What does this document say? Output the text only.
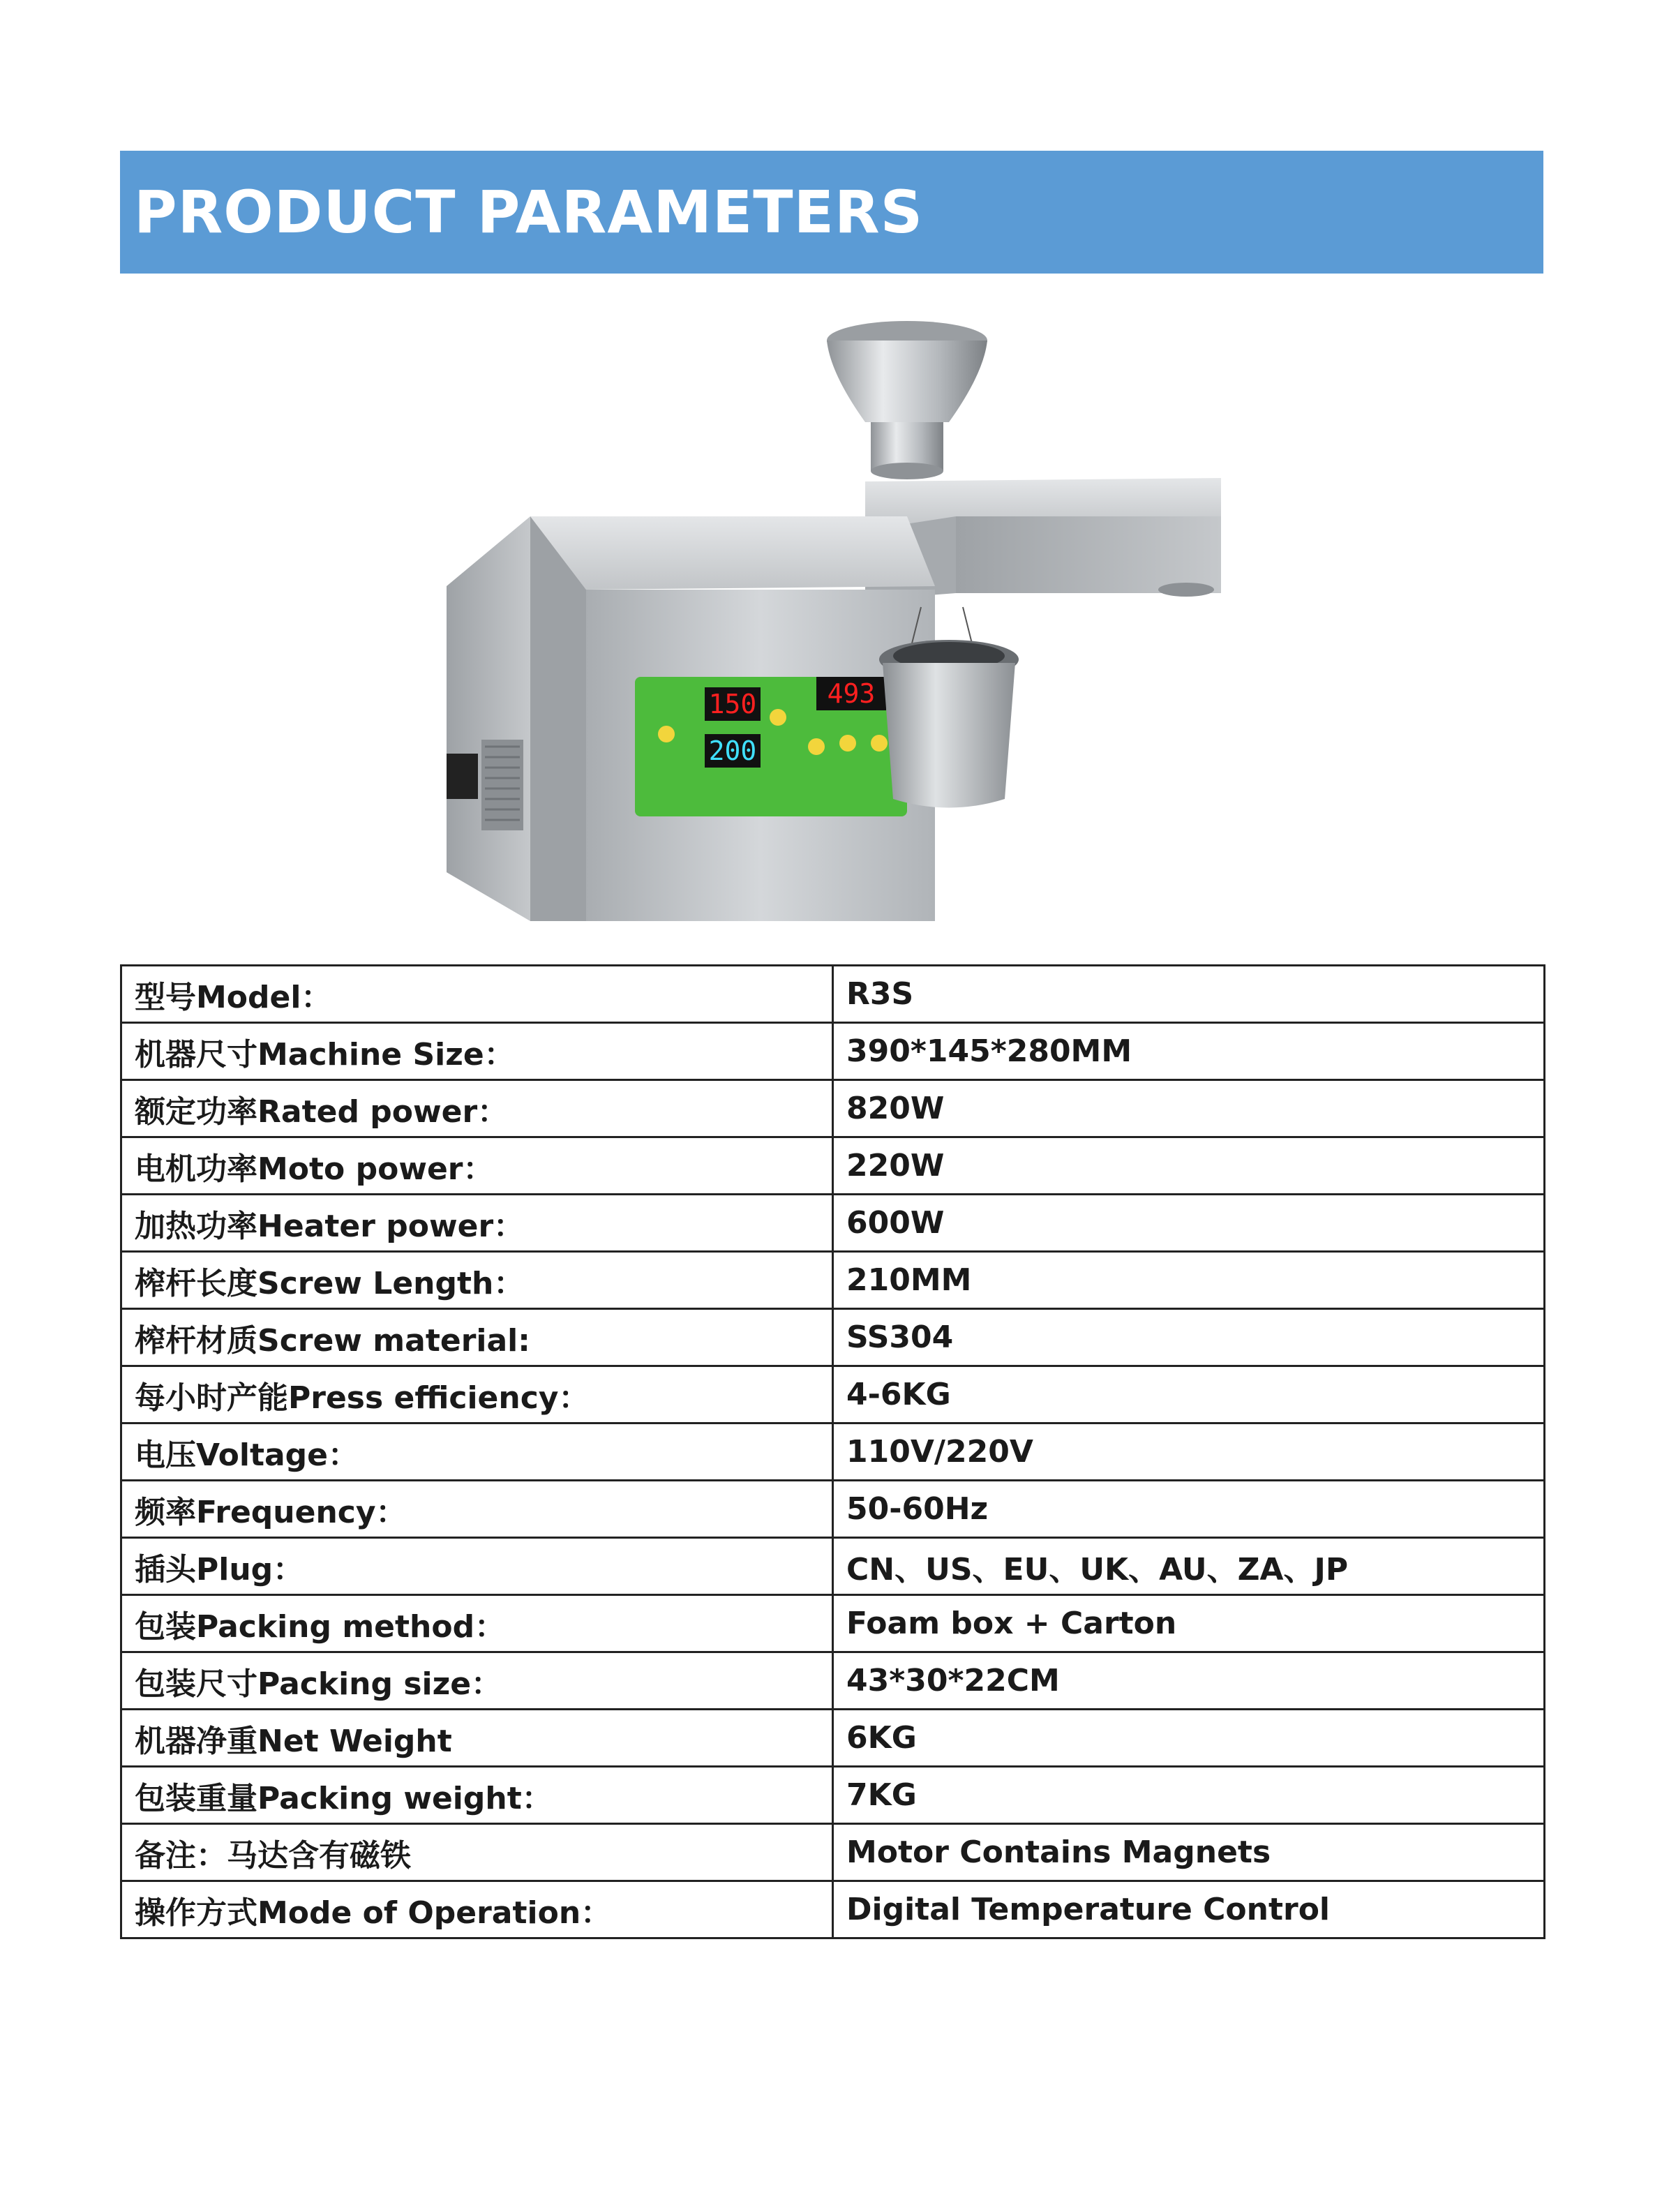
PRODUCT PARAMETERS
150
200
493
型号Model：	R3S
机器尺寸Machine Size：	390*145*280MM
额定功率Rated power：	820W
电机功率Moto power：	220W
加热功率Heater power：	600W
榨杆长度Screw Length：	210MM
榨杆材质Screw material:	SS304
每小时产能Press efficiency：	4-6KG
电压Voltage：	110V/220V
频率Frequency：	50-60Hz
插头Plug：	CN、US、EU、UK、AU、ZA、JP
包装Packing method：	Foam box + Carton
包装尺寸Packing size：	43*30*22CM
机器净重Net Weight	6KG
包装重量Packing weight：	7KG
备注：马达含有磁铁	Motor Contains Magnets
操作方式Mode of Operation：	Digital Temperature Control
